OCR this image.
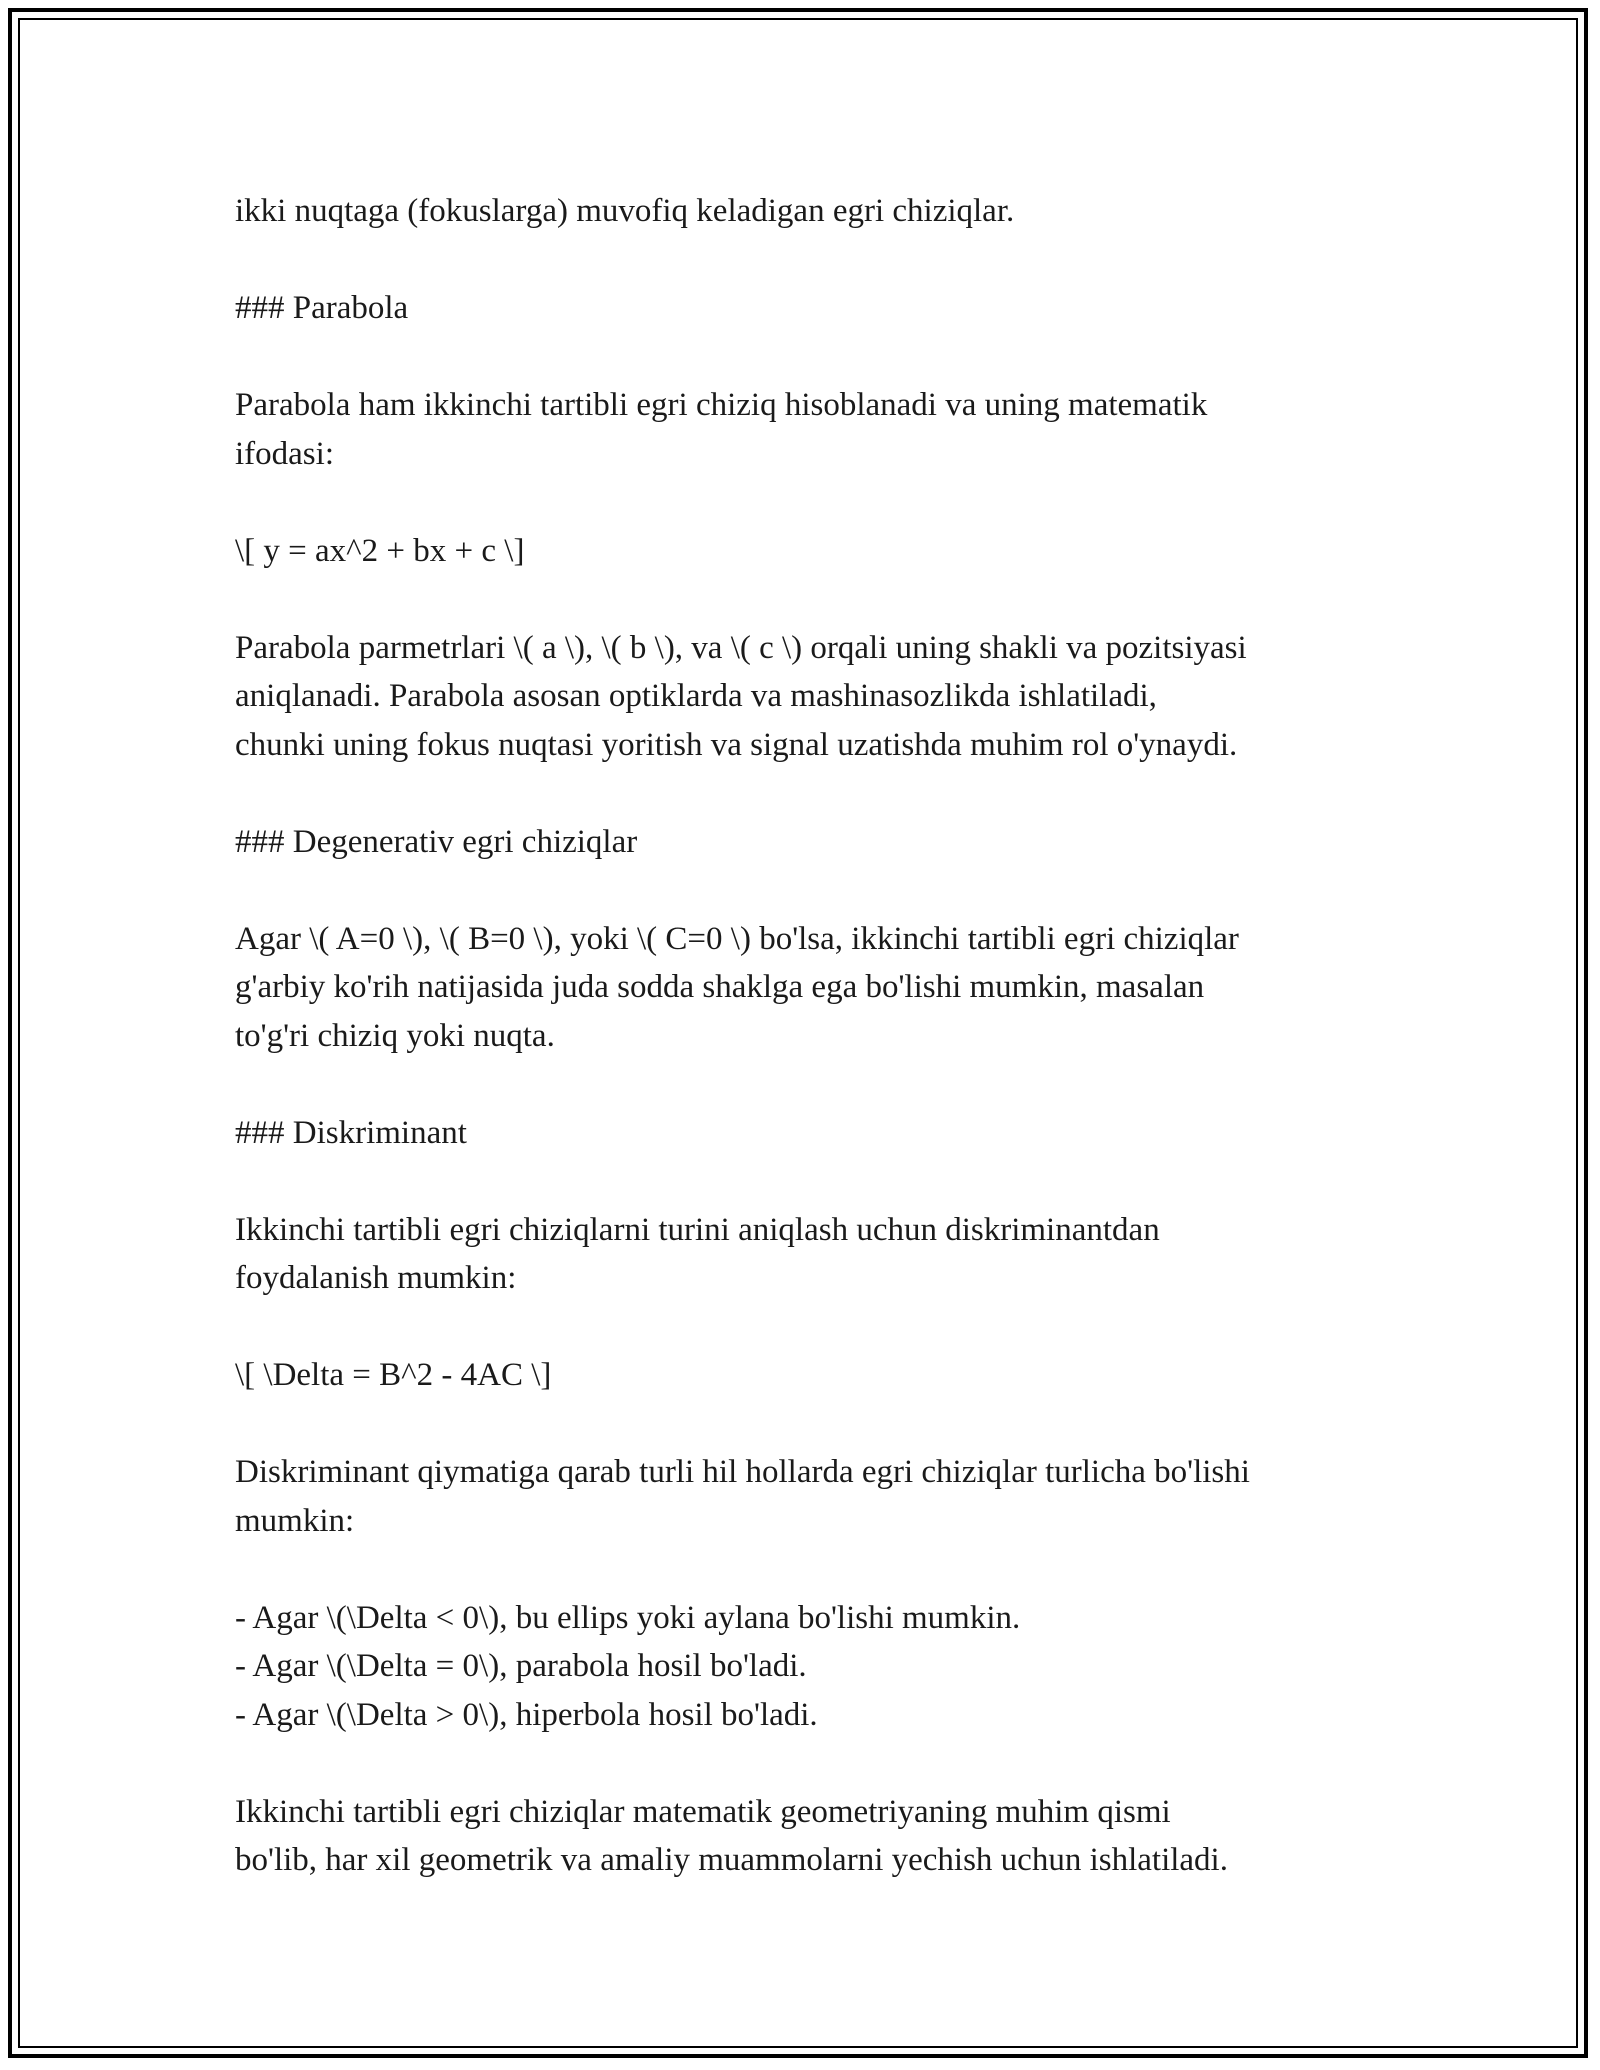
ikki nuqtaga (fokuslarga) muvofiq keladigan egri chiziqlar.

### Parabola

Parabola ham ikkinchi tartibli egri chiziq hisoblanadi va uning matematik
ifodasi:

\[ y = ax^2 + bx + c \]

Parabola parmetrlari \( a \), \( b \), va \( c \) orqali uning shakli va pozitsiyasi
aniqlanadi. Parabola asosan optiklarda va mashinasozlikda ishlatiladi,
chunki uning fokus nuqtasi yoritish va signal uzatishda muhim rol o'ynaydi.

### Degenerativ egri chiziqlar

Agar \( A=0 \), \( B=0 \), yoki \( C=0 \) bo'lsa, ikkinchi tartibli egri chiziqlar
g'arbiy ko'rih natijasida juda sodda shaklga ega bo'lishi mumkin, masalan
to'g'ri chiziq yoki nuqta.

### Diskriminant

Ikkinchi tartibli egri chiziqlarni turini aniqlash uchun diskriminantdan
foydalanish mumkin:

\[ \Delta = B^2 - 4AC \]

Diskriminant qiymatiga qarab turli hil hollarda egri chiziqlar turlicha bo'lishi
mumkin:

- Agar \(\Delta < 0\), bu ellips yoki aylana bo'lishi mumkin.
- Agar \(\Delta = 0\), parabola hosil bo'ladi.
- Agar \(\Delta > 0\), hiperbola hosil bo'ladi.

Ikkinchi tartibli egri chiziqlar matematik geometriyaning muhim qismi
bo'lib, har xil geometrik va amaliy muammolarni yechish uchun ishlatiladi.
